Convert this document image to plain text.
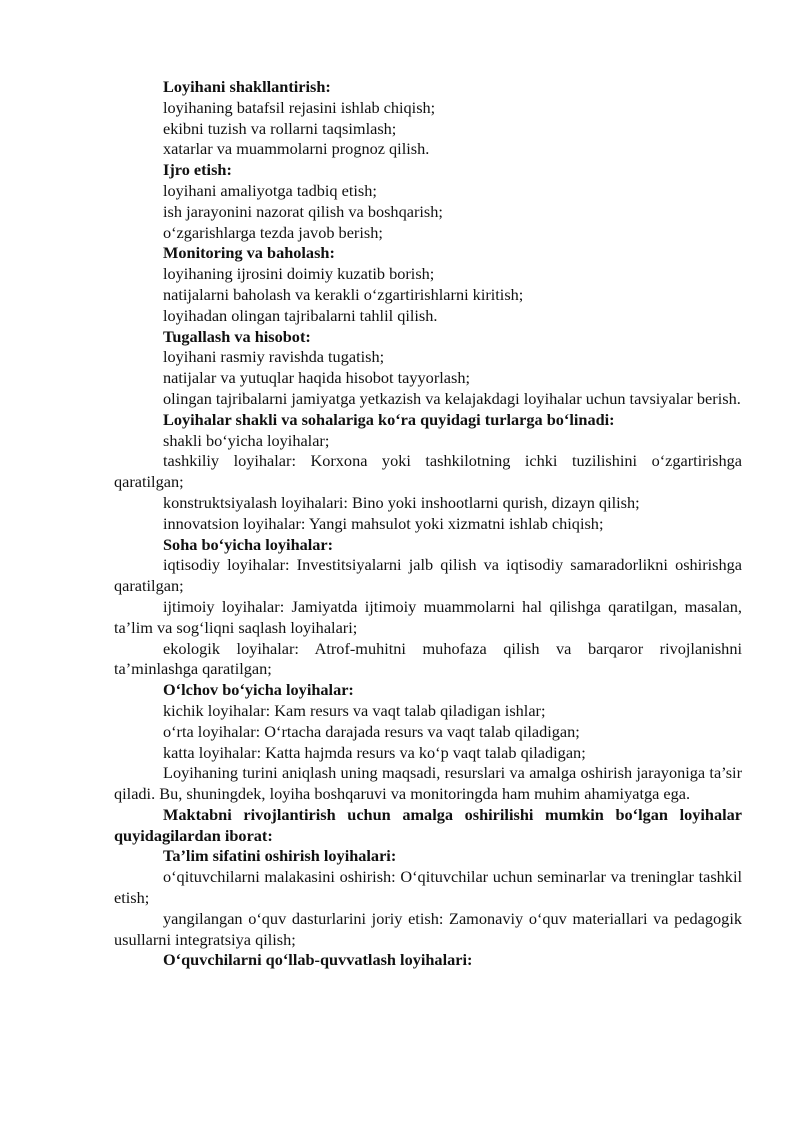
Loyihani shakllantirish:

loyihaning batafsil rejasini ishlab chiqish;

ekibni tuzish va rollarni taqsimlash;

xatarlar va muammolarni prognoz qilish.

Ijro etish:

loyihani amaliyotga tadbiq etish;

ish jarayonini nazorat qilish va boshqarish;

o‘zgarishlarga tezda javob berish;

Monitoring va baholash:

loyihaning ijrosini doimiy kuzatib borish;

natijalarni baholash va kerakli o‘zgartirishlarni kiritish;

loyihadan olingan tajribalarni tahlil qilish.

Tugallash va hisobot:

loyihani rasmiy ravishda tugatish;

natijalar va yutuqlar haqida hisobot tayyorlash;

olingan tajribalarni jamiyatga yetkazish va kelajakdagi loyihalar uchun tavsiyalar berish.

Loyihalar shakli va sohalariga ko‘ra quyidagi turlarga bo‘linadi:

shakli bo‘yicha loyihalar;

tashkiliy loyihalar: Korxona yoki tashkilotning ichki tuzilishini o‘zgartirishga qaratilgan;

konstruktsiyalash loyihalari: Bino yoki inshootlarni qurish, dizayn qilish;

innovatsion loyihalar: Yangi mahsulot yoki xizmatni ishlab chiqish;

Soha bo‘yicha loyihalar:

iqtisodiy loyihalar: Investitsiyalarni jalb qilish va iqtisodiy samaradorlikni oshirishga qaratilgan;

ijtimoiy loyihalar: Jamiyatda ijtimoiy muammolarni hal qilishga qaratilgan, masalan, ta’lim va sog‘liqni saqlash loyihalari;

ekologik loyihalar: Atrof-muhitni muhofaza qilish va barqaror rivojlanishni ta’minlashga qaratilgan;

O‘lchov bo‘yicha loyihalar:

kichik loyihalar: Kam resurs va vaqt talab qiladigan ishlar;

o‘rta loyihalar: O‘rtacha darajada resurs va vaqt talab qiladigan;

katta loyihalar: Katta hajmda resurs va ko‘p vaqt talab qiladigan;

Loyihaning turini aniqlash uning maqsadi, resurslari va amalga oshirish jarayoniga ta’sir qiladi. Bu, shuningdek, loyiha boshqaruvi va monitoringda ham muhim ahamiyatga ega.

Maktabni rivojlantirish uchun amalga oshirilishi mumkin bo‘lgan loyihalar quyidagilardan iborat:

Ta’lim sifatini oshirish loyihalari:

o‘qituvchilarni malakasini oshirish: O‘qituvchilar uchun seminarlar va treninglar tashkil etish;

yangilangan o‘quv dasturlarini joriy etish: Zamonaviy o‘quv materiallari va pedagogik usullarni integratsiya qilish;

O‘quvchilarni qo‘llab-quvvatlash loyihalari:
